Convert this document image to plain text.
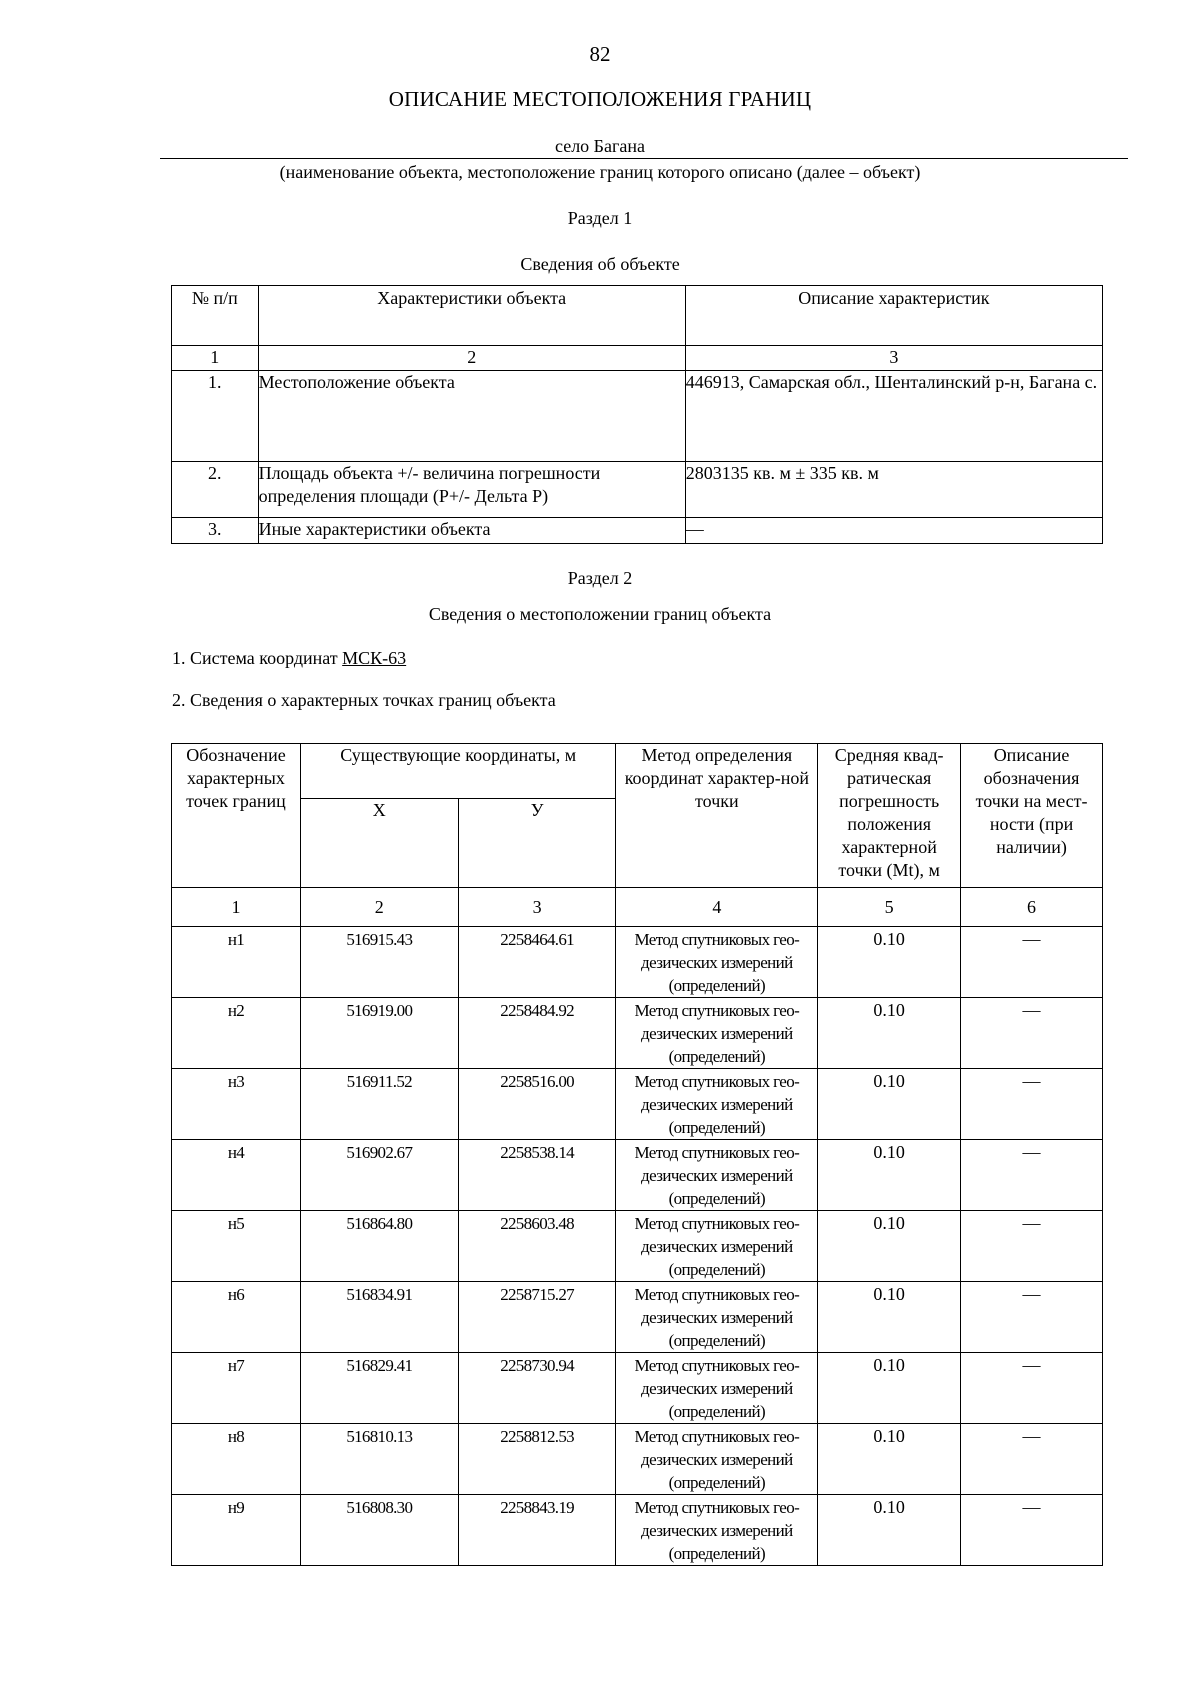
82
ОПИСАНИЕ МЕСТОПОЛОЖЕНИЯ ГРАНИЦ
село Багана
(наименование объекта, местоположение границ которого описано (далее – объект)
Раздел 1
Сведения об объекте
№ п/п	Характеристики объекта	Описание характеристик
1	2	3
1.	Местоположение объекта	446913, Самарская обл., Шенталинский р-н, Багана с.
2.	Площадь объекта +/- величина погрешности определения площади (Р+/- Дельта Р)	2803135 кв. м ± 335 кв. м
3.	Иные характеристики объекта	—
Раздел 2
Сведения о местоположении границ объекта
1. Система координат МСК-63
2. Сведения о характерных точках границ объекта
Обозначение характерных точек границ	Существующие координаты, м		Метод определения координат характер-ной точки	Средняя квад-ратическая погрешность положения характерной точки (Mt), м	Описание обозначения точки на мест-ности (при наличии)
	X	У			
1	2	3	4	5	6
н1	516915.43	2258464.61	Метод спутниковых гео-дезических измерений (определений)	0.10	—
н2	516919.00	2258484.92	Метод спутниковых гео-дезических измерений (определений)	0.10	—
н3	516911.52	2258516.00	Метод спутниковых гео-дезических измерений (определений)	0.10	—
н4	516902.67	2258538.14	Метод спутниковых гео-дезических измерений (определений)	0.10	—
н5	516864.80	2258603.48	Метод спутниковых гео-дезических измерений (определений)	0.10	—
н6	516834.91	2258715.27	Метод спутниковых гео-дезических измерений (определений)	0.10	—
н7	516829.41	2258730.94	Метод спутниковых гео-дезических измерений (определений)	0.10	—
н8	516810.13	2258812.53	Метод спутниковых гео-дезических измерений (определений)	0.10	—
н9	516808.30	2258843.19	Метод спутниковых гео-дезических измерений (определений)	0.10	—
